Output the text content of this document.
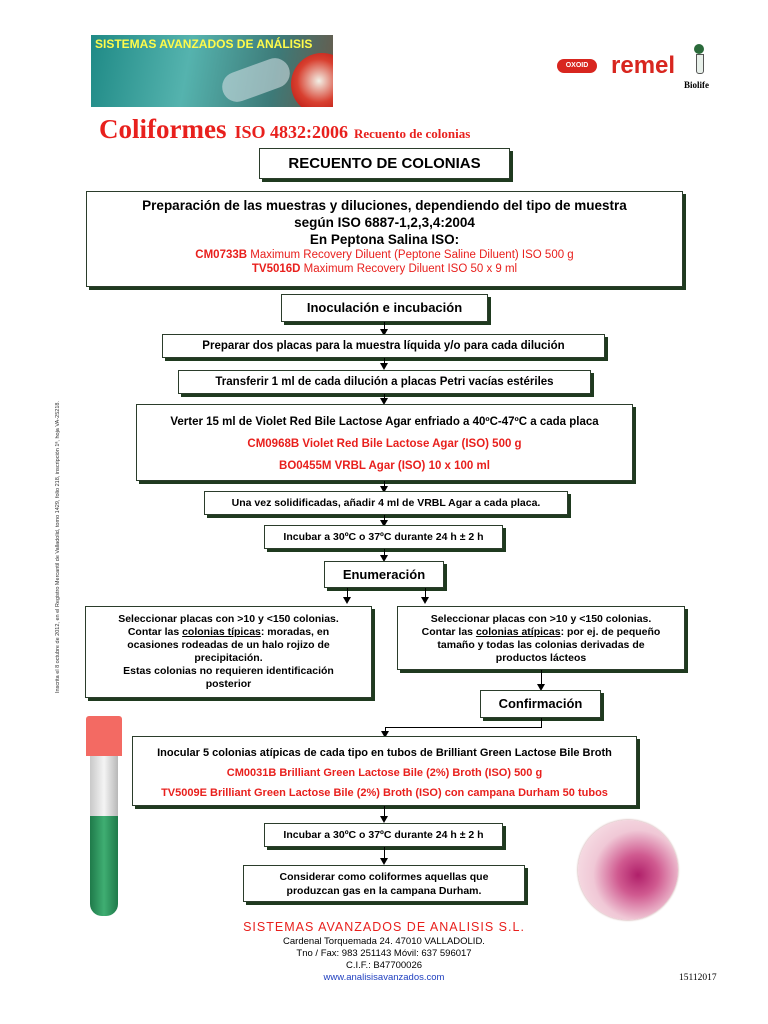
SISTEMAS AVANZADOS DE ANÁLISIS
OXOID remel
Biolife
Coliformes ISO 4832:2006 Recuento de colonias
Inscrita el 8 octubre de 2012, en el Registro Mercantil de Valladolid, tomo 1429, folio 218, inscripción 1ª, hoja VA-25218.
RECUENTO DE COLONIAS
Preparación de las muestras y diluciones, dependiendo del tipo de muestra
según ISO 6887-1,2,3,4:2004
En Peptona Salina ISO:
CM0733B Maximum Recovery Diluent (Peptone Saline Diluent) ISO 500 g
TV5016D Maximum Recovery Diluent ISO 50 x 9 ml
Inoculación e incubación
Preparar dos placas para la muestra líquida y/o para cada dilución
Transferir 1 ml de cada dilución a placas Petri vacías estériles
Verter 15 ml de Violet Red Bile Lactose Agar enfriado a 40ºC-47ºC a cada placa
CM0968B Violet Red Bile Lactose Agar (ISO) 500 g
BO0455M VRBL Agar (ISO) 10 x 100 ml
Una vez solidificadas, añadir 4 ml de VRBL Agar a cada placa.
Incubar a 30ºC o 37ºC durante 24 h ± 2 h
Enumeración
Seleccionar placas con >10 y <150 colonias.
Contar las colonias típicas: moradas, en
ocasiones rodeadas de un halo rojizo de
precipitación.
Estas colonias no requieren identificación
posterior
Seleccionar placas con >10 y <150 colonias.
Contar las colonias atípicas: por ej. de pequeño
tamaño y todas las colonias derivadas de
productos lácteos
Confirmación
Inocular 5 colonias atípicas de cada tipo en tubos de Brilliant Green Lactose Bile Broth
CM0031B Brilliant Green Lactose Bile (2%) Broth (ISO) 500 g
TV5009E Brilliant Green Lactose Bile (2%) Broth (ISO) con campana Durham 50 tubos
Incubar a 30ºC o 37ºC durante 24 h ± 2 h
Considerar como coliformes aquellas que
produzcan gas en la campana Durham.
SISTEMAS AVANZADOS DE ANALISIS S.L.
Cardenal Torquemada 24. 47010 VALLADOLID.
Tno / Fax: 983 251143 Móvil: 637 596017
C.I.F.: B47700026
www.analisisavanzados.com	15112017
